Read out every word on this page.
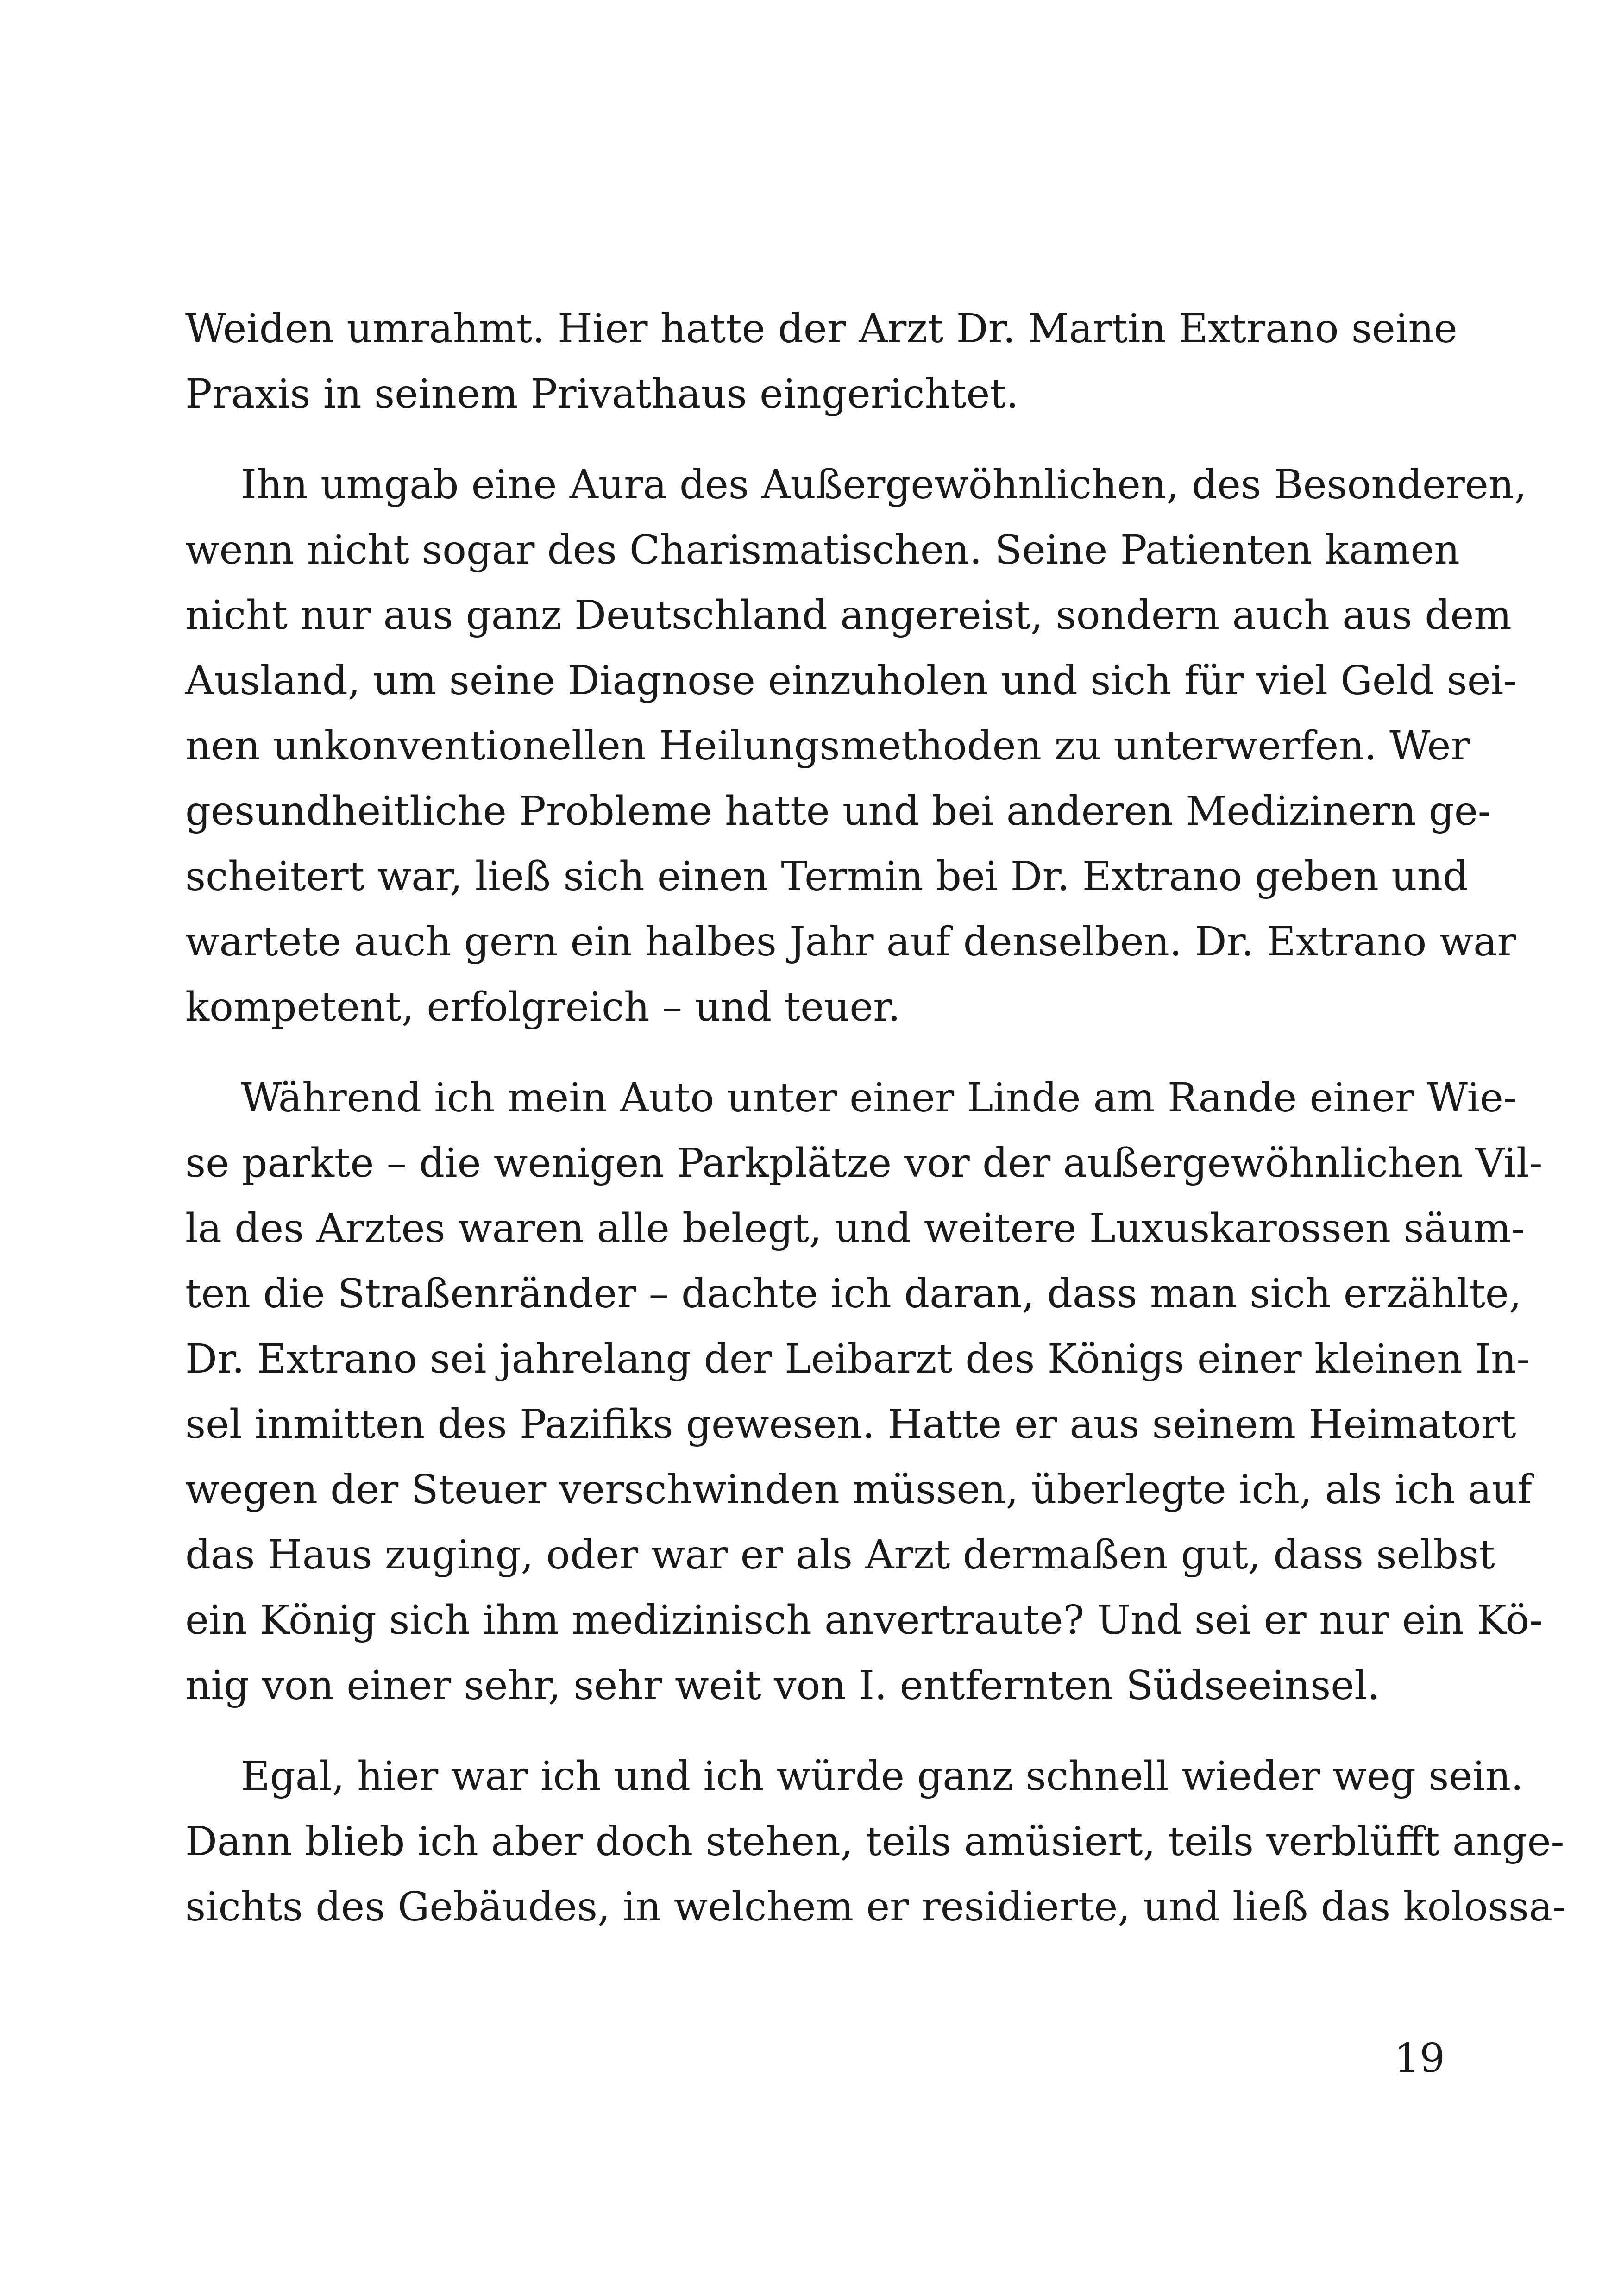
Weiden umrahmt. Hier hatte der Arzt Dr. Martin Extrano seine
Praxis in seinem Privathaus eingerichtet.
Ihn umgab eine Aura des Außergewöhnlichen, des Besonderen,
wenn nicht sogar des Charismatischen. Seine Patienten kamen
nicht nur aus ganz Deutschland angereist, sondern auch aus dem
Ausland, um seine Diagnose einzuholen und sich für viel Geld sei-
nen unkonventionellen Heilungsmethoden zu unterwerfen. Wer
gesundheitliche Probleme hatte und bei anderen Medizinern ge-
scheitert war, ließ sich einen Termin bei Dr. Extrano geben und
wartete auch gern ein halbes Jahr auf denselben. Dr. Extrano war
kompetent, erfolgreich – und teuer.
Während ich mein Auto unter einer Linde am Rande einer Wie-
se parkte – die wenigen Parkplätze vor der außergewöhnlichen Vil-
la des Arztes waren alle belegt, und weitere Luxuskarossen säum-
ten die Straßenränder – dachte ich daran, dass man sich erzählte,
Dr. Extrano sei jahrelang der Leibarzt des Königs einer kleinen In-
sel inmitten des Pazifiks gewesen. Hatte er aus seinem Heimatort
wegen der Steuer verschwinden müssen, überlegte ich, als ich auf
das Haus zuging, oder war er als Arzt dermaßen gut, dass selbst
ein König sich ihm medizinisch anvertraute? Und sei er nur ein Kö-
nig von einer sehr, sehr weit von I. entfernten Südseeinsel.
Egal, hier war ich und ich würde ganz schnell wieder weg sein.
Dann blieb ich aber doch stehen, teils amüsiert, teils verblüfft ange-
sichts des Gebäudes, in welchem er residierte, und ließ das kolossa-
19
